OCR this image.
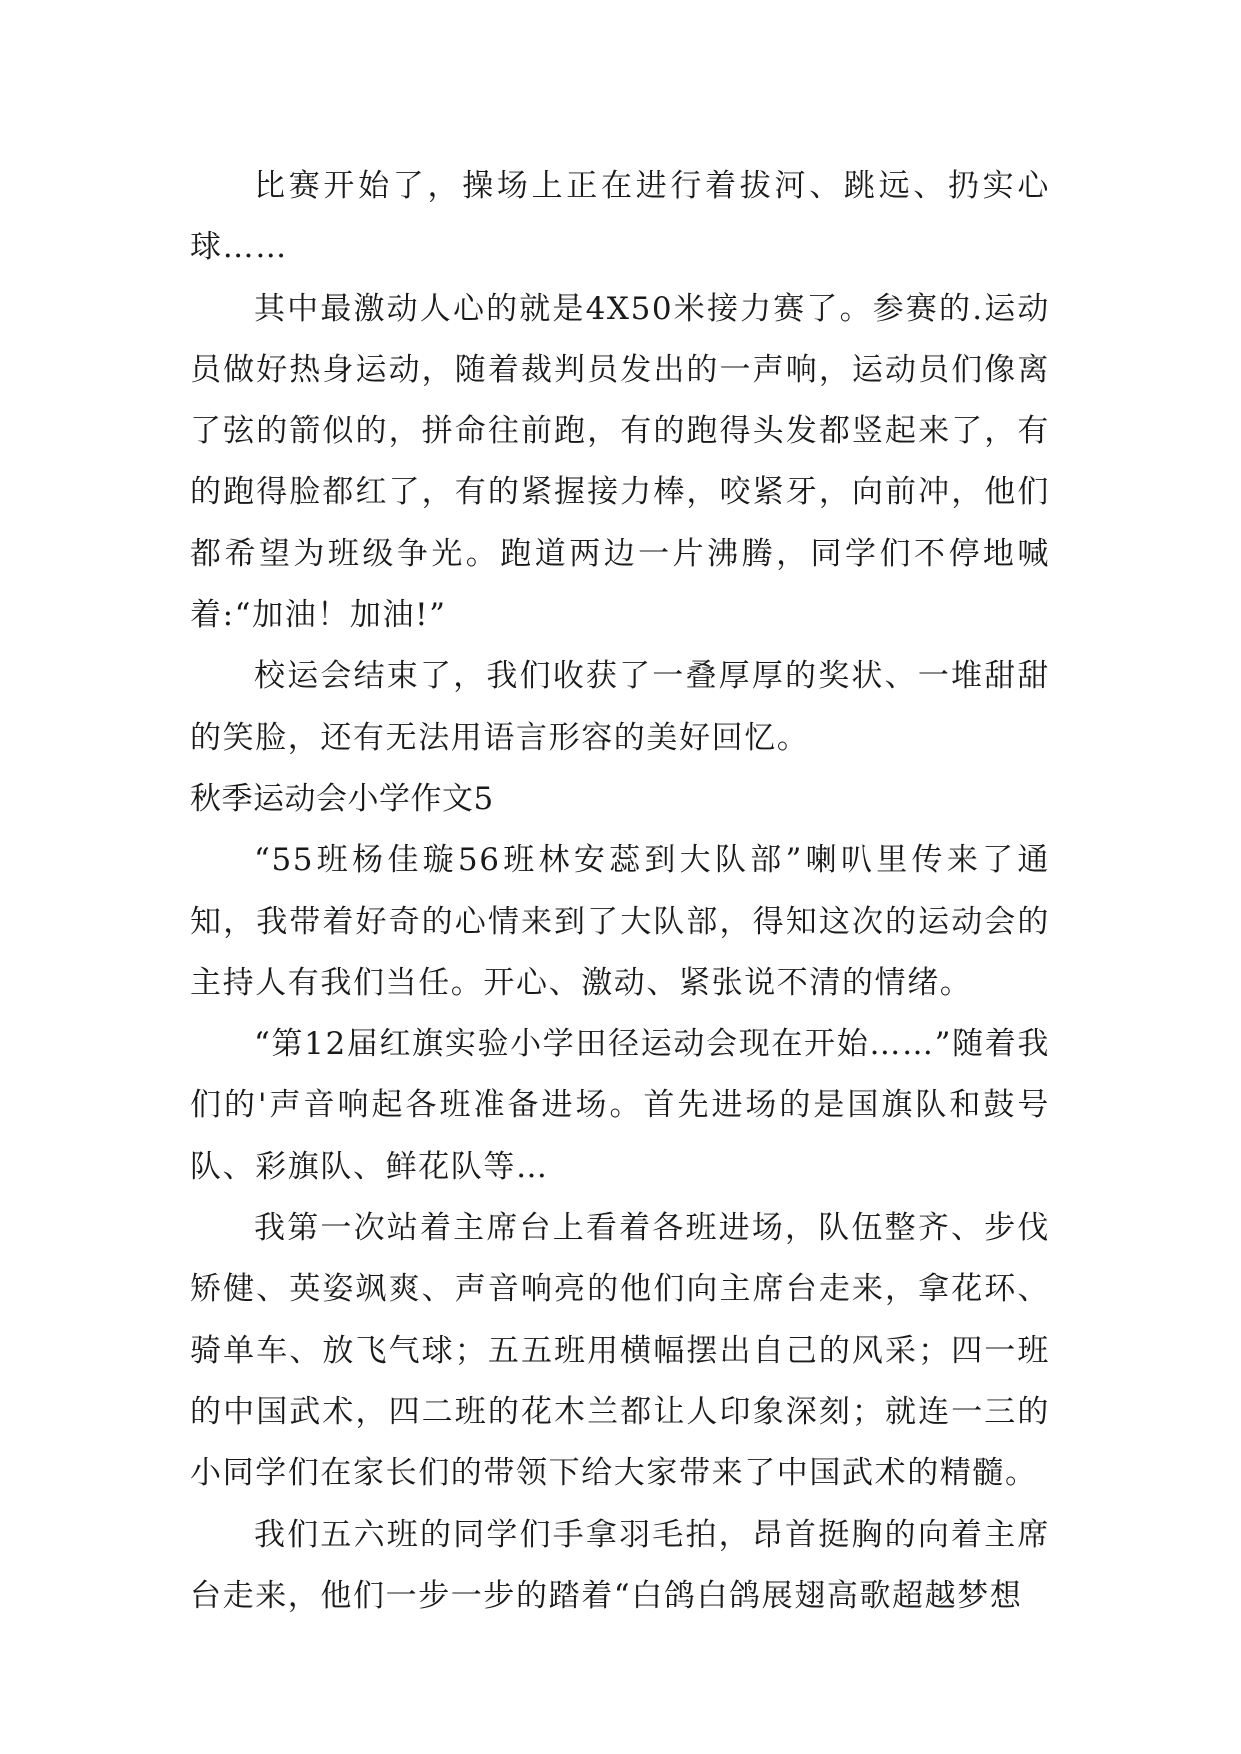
比赛开始了，操场上正在进行着拔河、跳远、扔实心球……

其中最激动人心的就是4X50米接力赛了。参赛的.运动员做好热身运动，随着裁判员发出的一声响，运动员们像离了弦的箭似的，拼命往前跑，有的跑得头发都竖起来了，有的跑得脸都红了，有的紧握接力棒，咬紧牙，向前冲，他们都希望为班级争光。跑道两边一片沸腾，同学们不停地喊着:“加油！加油!”

校运会结束了，我们收获了一叠厚厚的奖状、一堆甜甜的笑脸，还有无法用语言形容的美好回忆。

秋季运动会小学作文5

“55班杨佳璇56班林安蕊到大队部”喇叭里传来了通知，我带着好奇的心情来到了大队部，得知这次的运动会的主持人有我们当任。开心、激动、紧张说不清的情绪。

“第12届红旗实验小学田径运动会现在开始……”随着我们的'声音响起各班准备进场。首先进场的是国旗队和鼓号队、彩旗队、鲜花队等…

我第一次站着主席台上看着各班进场，队伍整齐、步伐矫健、英姿飒爽、声音响亮的他们向主席台走来，拿花环、骑单车、放飞气球；五五班用横幅摆出自己的风采；四一班的中国武术，四二班的花木兰都让人印象深刻；就连一三的小同学们在家长们的带领下给大家带来了中国武术的精髓。

我们五六班的同学们手拿羽毛拍，昂首挺胸的向着主席台走来，他们一步一步的踏着“白鸽白鸽展翅高歌超越梦想
